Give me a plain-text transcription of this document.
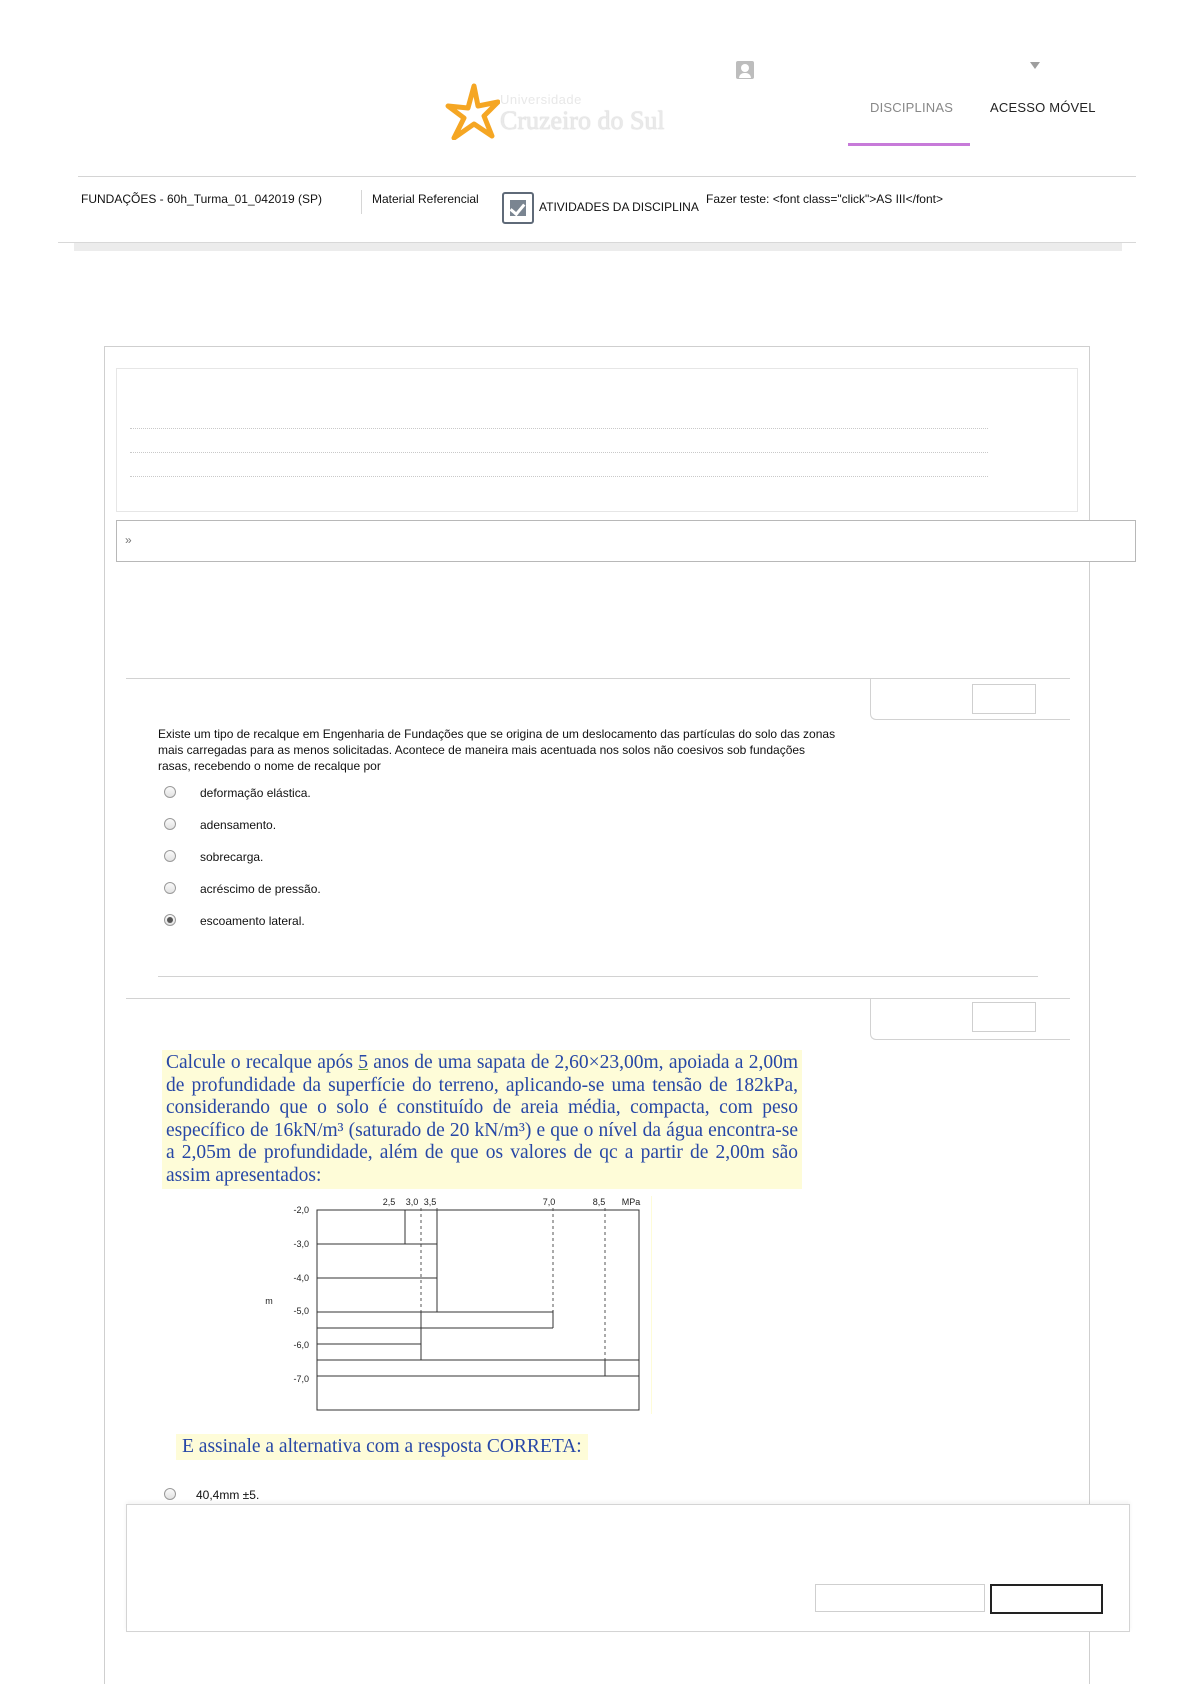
Universidade
Cruzeiro do Sul	DISCIPLINAS	ACESSO MÓVEL
FUNDAÇÕES - 60h_Turma_01_042019 (SP)	Material Referencial
ATIVIDADES DA DISCIPLINA
Fazer teste: <font class="click">AS III</font>
»
Existe um tipo de recalque em Engenharia de Fundações que se origina de um deslocamento das partículas do solo das zonas mais carregadas para as menos solicitadas. Acontece de maneira mais acentuada nos solos não coesivos sob fundações rasas, recebendo o nome de recalque por
deformação elástica.
adensamento.
sobrecarga.
acréscimo de pressão.
escoamento lateral.
Calcule o recalque após 5 anos de uma sapata de 2,60×23,00m, apoiada a 2,00m de profundidade da superfície do terreno, aplicando-se uma tensão de 182kPa, considerando que o solo é constituído de areia média, compacta, com peso específico de 16kN/m³ (saturado de 20 kN/m³) e que o nível da água encontra-se a 2,05m de profundidade, além de que os valores de qc a partir de 2,00m são assim apresentados:
2,5 3,0 3,5	7,0	8,5 MPa
-2,0
-3,0
-4,0
-5,0
-6,0
-7,0
m
E assinale a alternativa com a resposta CORRETA:
40,4mm ±5.
